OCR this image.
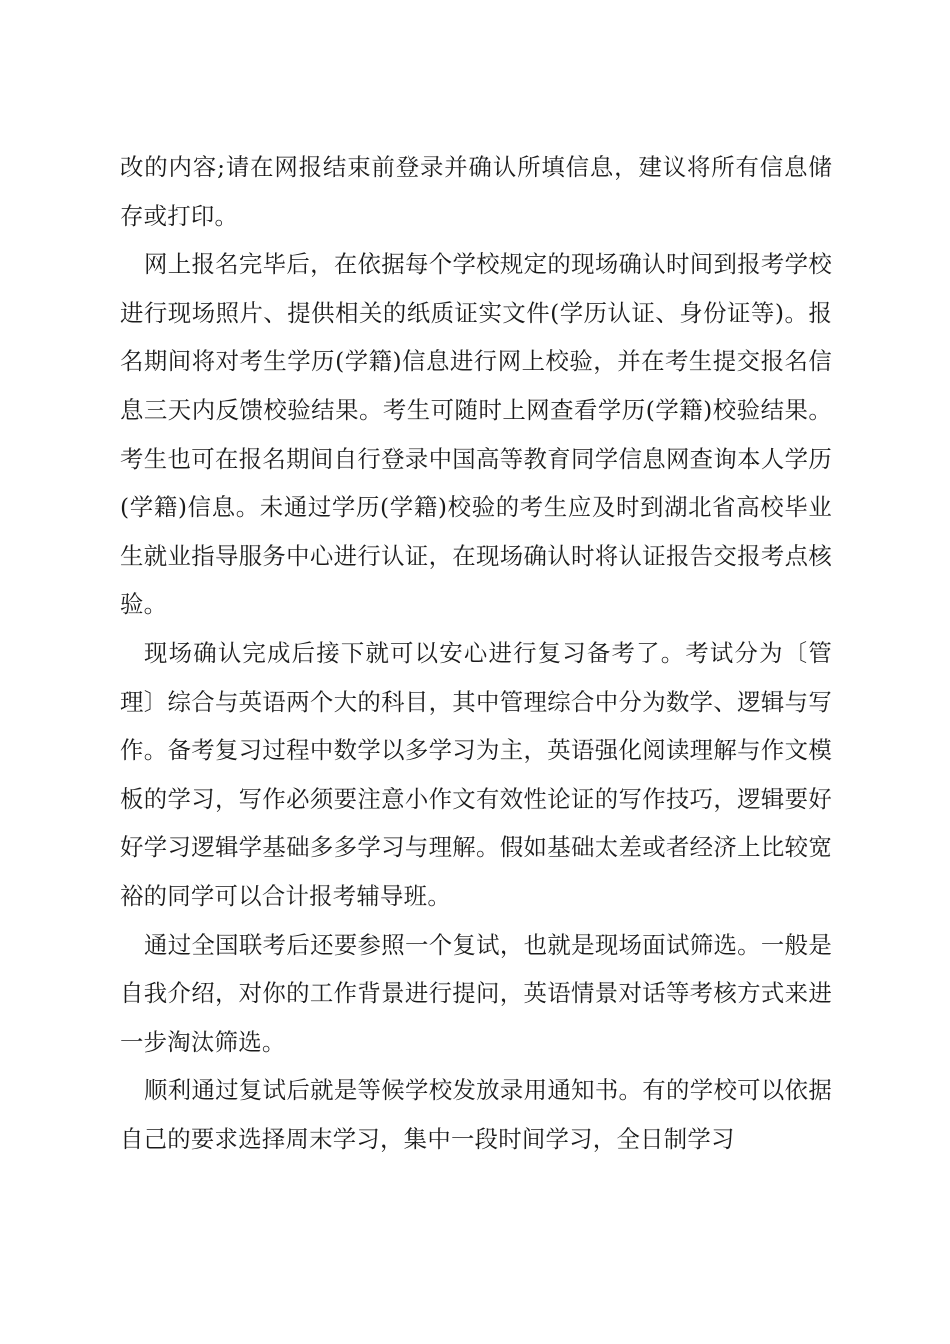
改的内容;请在网报结束前登录并确认所填信息，建议将所有信息储存或打印。

网上报名完毕后，在依据每个学校规定的现场确认时间到报考学校进行现场照片、提供相关的纸质证实文件(学历认证、身份证等)。报名期间将对考生学历(学籍)信息进行网上校验，并在考生提交报名信息三天内反馈校验结果。考生可随时上网查看学历(学籍)校验结果。考生也可在报名期间自行登录中国高等教育同学信息网查询本人学历(学籍)信息。未通过学历(学籍)校验的考生应及时到湖北省高校毕业生就业指导服务中心进行认证，在现场确认时将认证报告交报考点核验。

现场确认完成后接下就可以安心进行复习备考了。考试分为〔管理〕综合与英语两个大的科目，其中管理综合中分为数学、逻辑与写作。备考复习过程中数学以多学习为主，英语强化阅读理解与作文模板的学习，写作必须要注意小作文有效性论证的写作技巧，逻辑要好好学习逻辑学基础多多学习与理解。假如基础太差或者经济上比较宽裕的同学可以合计报考辅导班。

通过全国联考后还要参照一个复试，也就是现场面试筛选。一般是自我介绍，对你的工作背景进行提问，英语情景对话等考核方式来进一步淘汰筛选。

顺利通过复试后就是等候学校发放录用通知书。有的学校可以依据自己的要求选择周末学习，集中一段时间学习，全日制学习
